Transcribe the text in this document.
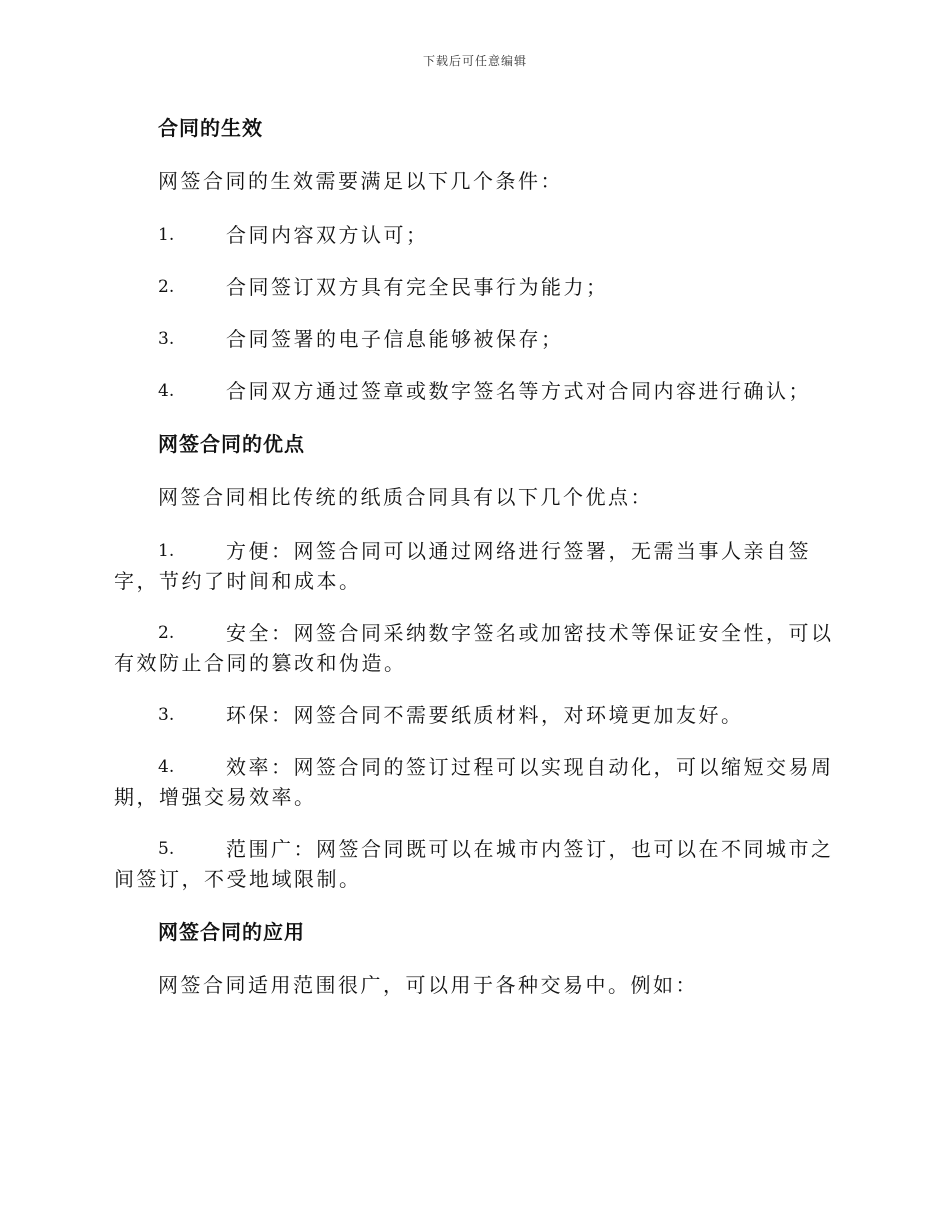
下载后可任意编辑
合同的生效

网签合同的生效需要满足以下几个条件：

1.	合同内容双方认可；
2.	合同签订双方具有完全民事行为能力；
3.	合同签署的电子信息能够被保存；
4.	合同双方通过签章或数字签名等方式对合同内容进行确认；
网签合同的优点

网签合同相比传统的纸质合同具有以下几个优点：

1.	方便：网签合同可以通过网络进行签署，无需当事人亲自签字，节约了时间和成本。
2.	安全：网签合同采纳数字签名或加密技术等保证安全性，可以有效防止合同的篡改和伪造。
3.	环保：网签合同不需要纸质材料，对环境更加友好。
4.	效率：网签合同的签订过程可以实现自动化，可以缩短交易周期，增强交易效率。
5.	范围广：网签合同既可以在城市内签订，也可以在不同城市之间签订，不受地域限制。
网签合同的应用

网签合同适用范围很广，可以用于各种交易中。例如：
